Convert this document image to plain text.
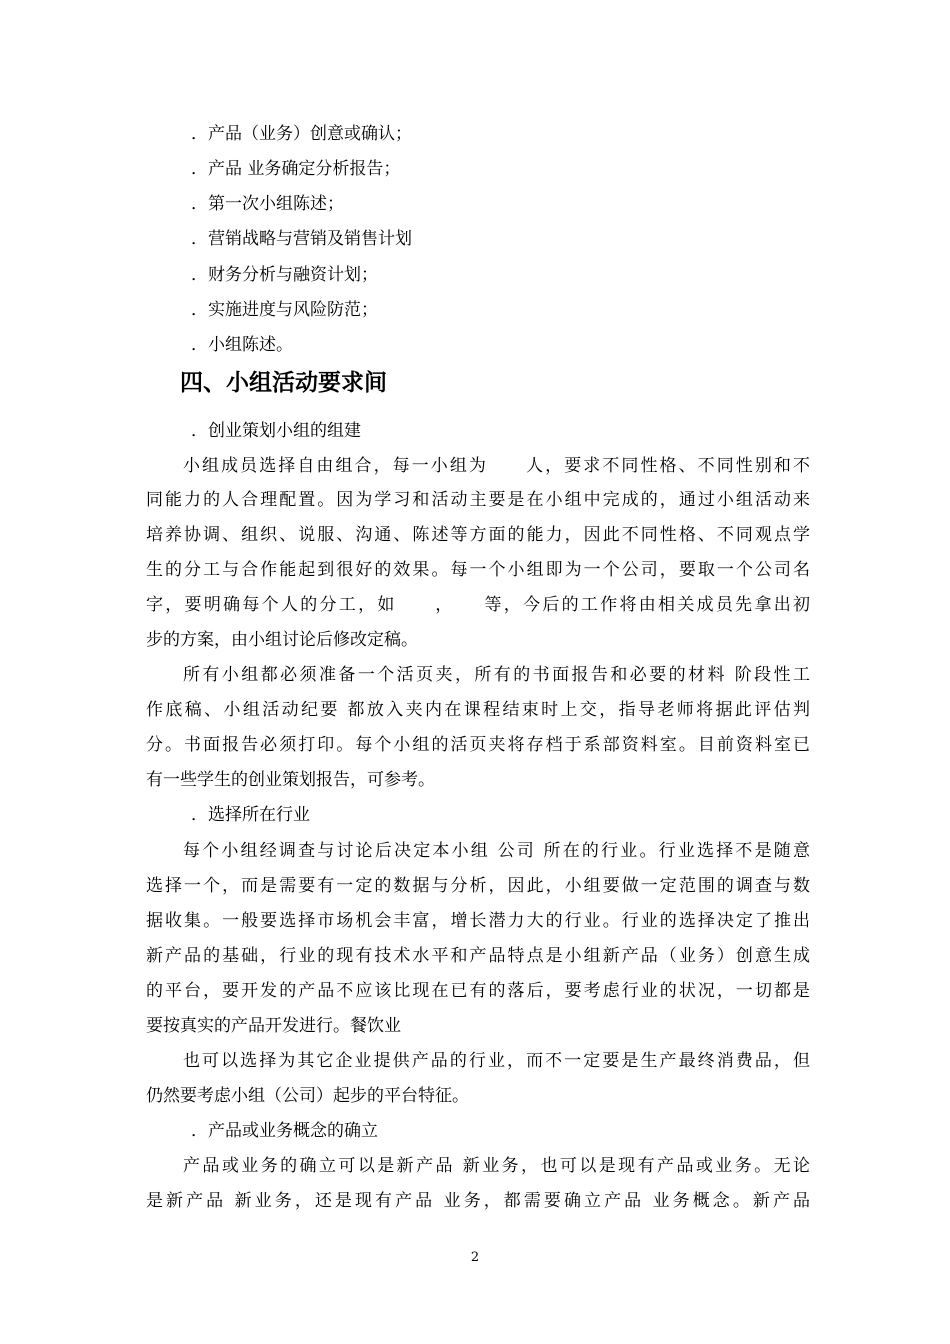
．产品（业务）创意或确认；
．产品 业务确定分析报告；
．第一次小组陈述；
．营销战略与营销及销售计划
．财务分析与融资计划；
．实施进度与风险防范；
．小组陈述。
四、小组活动要求间
．创业策划小组的组建
小组成员选择自由组合，每一小组为　　人，要求不同性格、不同性别和不
同能力的人合理配置。因为学习和活动主要是在小组中完成的，通过小组活动来
培养协调、组织、说服、沟通、陈述等方面的能力，因此不同性格、不同观点学
生的分工与合作能起到很好的效果。每一个小组即为一个公司，要取一个公司名
字，要明确每个人的分工，如　　，　　等，今后的工作将由相关成员先拿出初
步的方案，由小组讨论后修改定稿。
所有小组都必须准备一个活页夹，所有的书面报告和必要的材料 阶段性工
作底稿、小组活动纪要 都放入夹内在课程结束时上交，指导老师将据此评估判
分。书面报告必须打印。每个小组的活页夹将存档于系部资料室。目前资料室已
有一些学生的创业策划报告，可参考。
．选择所在行业
每个小组经调查与讨论后决定本小组 公司 所在的行业。行业选择不是随意
选择一个，而是需要有一定的数据与分析，因此，小组要做一定范围的调查与数
据收集。一般要选择市场机会丰富，增长潜力大的行业。行业的选择决定了推出
新产品的基础，行业的现有技术水平和产品特点是小组新产品（业务）创意生成
的平台，要开发的产品不应该比现在已有的落后，要考虑行业的状况，一切都是
要按真实的产品开发进行。餐饮业
也可以选择为其它企业提供产品的行业，而不一定要是生产最终消费品，但
仍然要考虑小组（公司）起步的平台特征。
．产品或业务概念的确立
产品或业务的确立可以是新产品 新业务，也可以是现有产品或业务。无论
是新产品 新业务，还是现有产品 业务，都需要确立产品 业务概念。新产品
2
